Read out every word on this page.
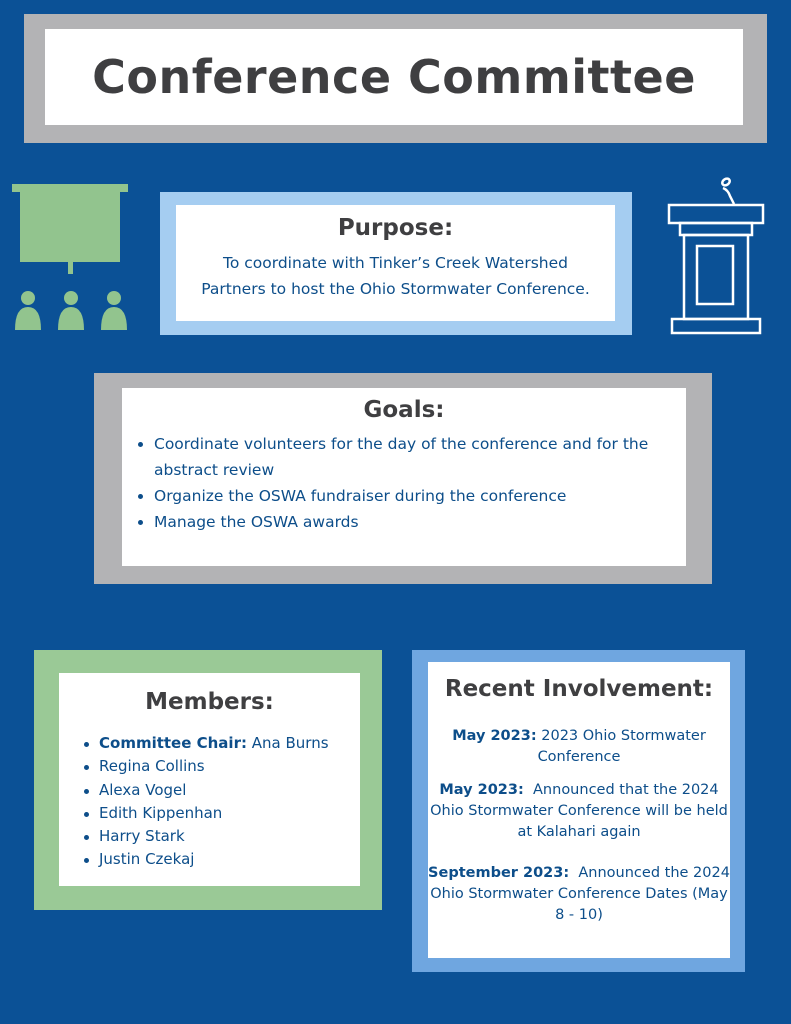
Conference Committee
Purpose:
To coordinate with Tinker’s Creek Watershed
Partners to host the Ohio Stormwater Conference.
Goals:
Coordinate volunteers for the day of the conference and for the abstract review
Organize the OSWA fundraiser during the conference
Manage the OSWA awards
Members:
Committee Chair: Ana Burns
Regina Collins
Alexa Vogel
Edith Kippenhan
Harry Stark
Justin Czekaj
Recent Involvement:
May 2023: 2023 Ohio Stormwater Conference
May 2023: Announced that the 2024 Ohio Stormwater Conference will be held at Kalahari again
September 2023: Announced the 2024 Ohio Stormwater Conference Dates (May 8 - 10)
